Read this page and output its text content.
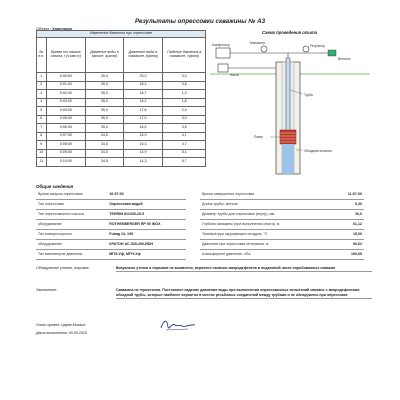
Результаты опрессовки скважины № А3
Объект: Хвастово
Изменение давления при опрессовке				
№ п.п.	Время от начала опыта, t (ч:мм:сс)	Давление воды в насосе, а(атм)	Давление воды в скважине, b(атм)	Падение давления в скважине, c(атм)
1	0:00:00	35,0	25,0	0,0
2	0:01:00	35,0	18,2	0,8
3	0:02:00	35,0	18,7	1,3
4	0:03:00	35,0	18,2	1,8
5	0:04:00	35,0	17,6	2,4
6	0:05:00	35,0	17,0	3,0
7	0:06:00	35,0	16,5	3,5
8	0:07:00	34,5	15,9	4,1
9	0:08:00	34,5	15,3	4,7
10	0:09:00	34,5	14,9	5,1
11	0:10:00	34,5	14,3	5,7
Схема проведения опыта
Компрессор
Насос
Регулятор
Манометр
Вентиль
Труба
Пакер
Обсадная колонна
Общие сведения
Время запуска опрессовки	10:57:00
Тип опрессовки	Опрессовка водой
Тип опрессовочного насоса	TEHRIM 811030-25-5
оборудование	ROTHENBERGER RP 50 INOX
Тип компрессорного	Fubag OL 195
оборудование	КРАТОН AC-530-200-BDH
Тип манометров давления	МПЭ-Уф, МПЧ-Уф
Время завершения опрессовки	11:07:00
Длина трубы, метров	0,40
Диаметр трубы для опрессовки (внутр), мм	26,0
Глубина скважины (при выполнении опыта), м	61,12
Температура окружающего воздуха, °С	15,00
Давление при опрессовке интервала, м	90,62
Атмосферное давление, кПа	100,65
Обнаружение утечек, порывов:	Визуально утечки и порывов не выявлено, вероятно наличие микродефектов в подземной части опробованных скважин
Заключение:	Скважина не герметична. Постоянное падение давления воды при выполнении опрессовочных испытаний связано с микродефектами обсадной трубы, которые наиболее вероятно в местах резьбовых соединений между трубами и не обнаружены при опрессовке
Опыт провел: Царев Михаил
Дата выполнения: 09.09.2015
